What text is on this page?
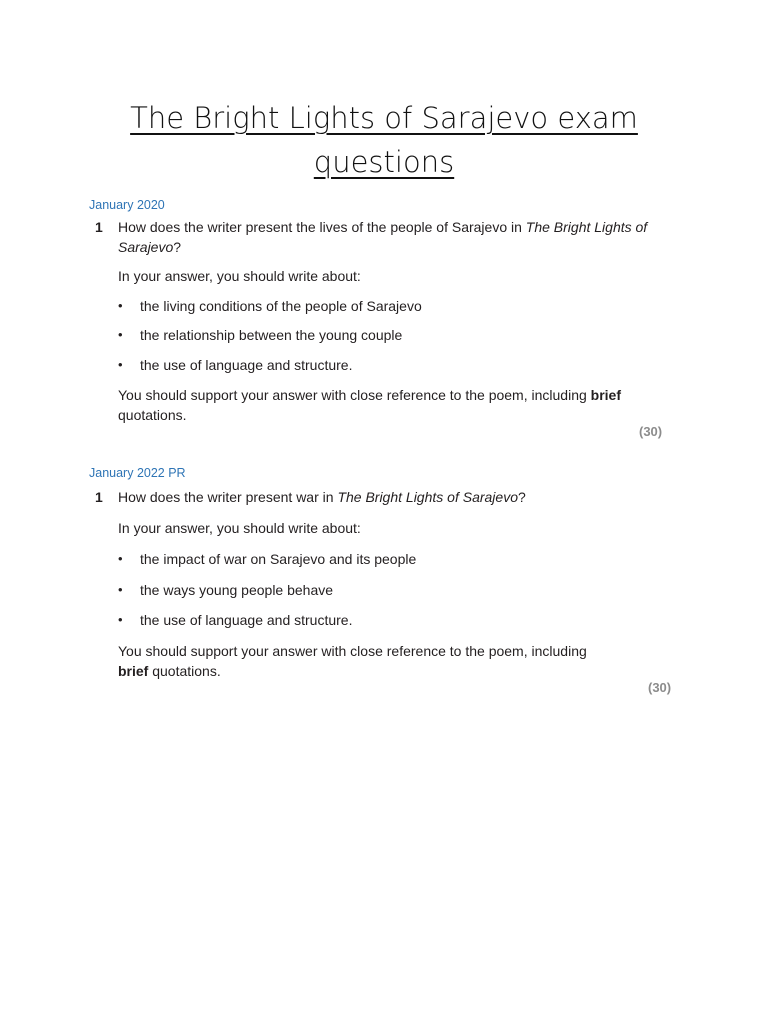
The Bright Lights of Sarajevo exam
questions
January 2020
1 How does the writer present the lives of the people of Sarajevo in The Bright Lights of
Sarajevo?
In your answer, you should write about:
• the living conditions of the people of Sarajevo
• the relationship between the young couple
• the use of language and structure.
You should support your answer with close reference to the poem, including brief
quotations.
(30)
January 2022 PR
1 How does the writer present war in The Bright Lights of Sarajevo?
In your answer, you should write about:
• the impact of war on Sarajevo and its people
• the ways young people behave
• the use of language and structure.
You should support your answer with close reference to the poem, including
brief quotations.
(30)
